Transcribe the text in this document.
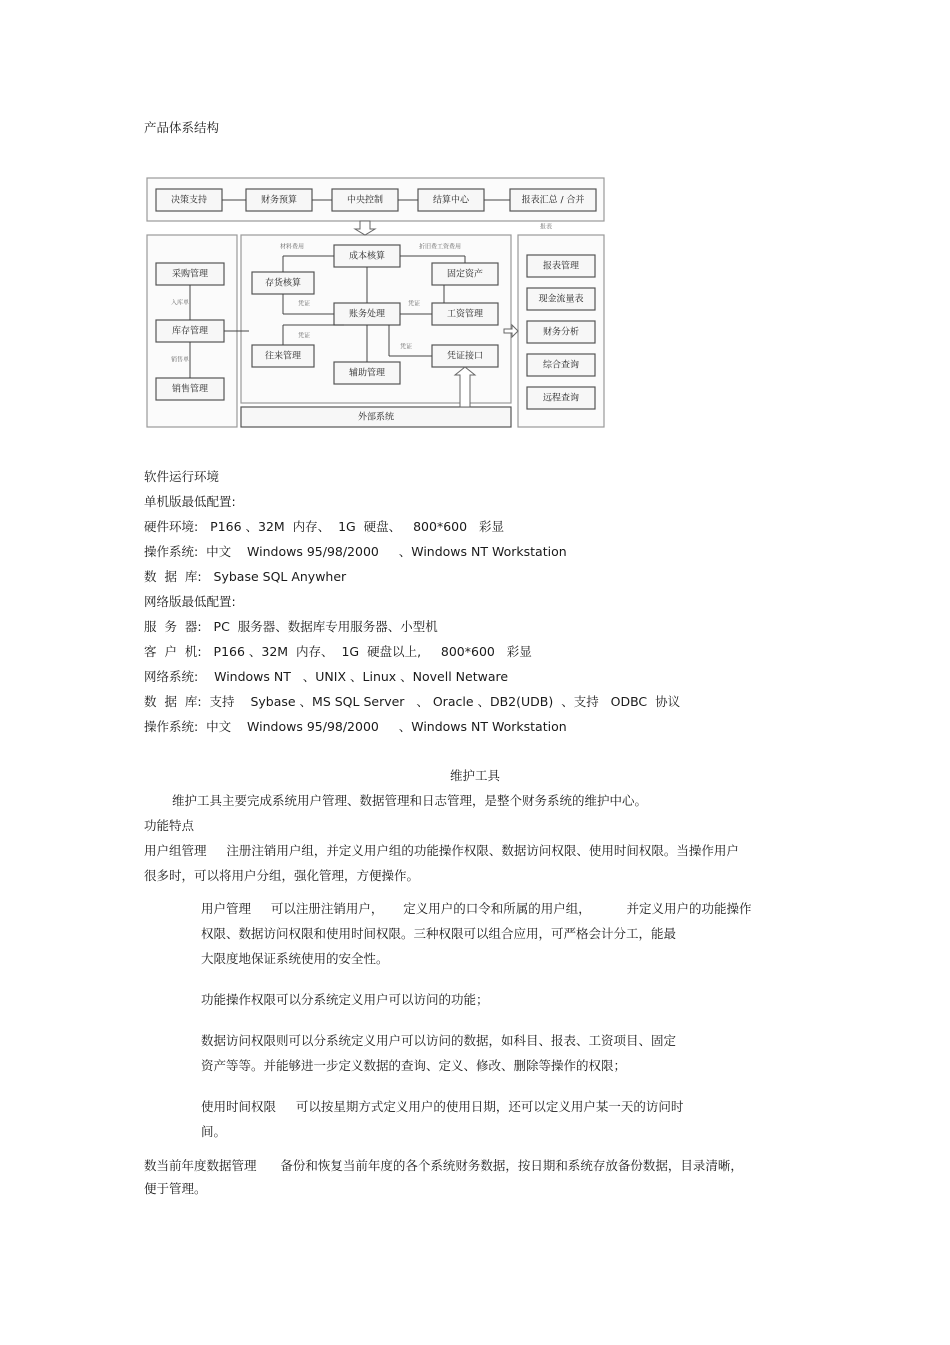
产品体系结构
外部系统
决策支持	财务预算	中央控制	结算中心	报表汇总 / 合并
采购管理
库存管理
销售管理
入库单
销售单
成本核算
存货核算
固定资产
账务处理	工资管理
往来管理	凭证接口
辅助管理
材料费用	折旧费工资费用
凭证	凭证
凭证
凭证
报表
报表管理
现金流量表
财务分析
综合查询
远程查询
软件运行环境
单机版最低配置:
硬件环境:   P166 、32M  内存、  1G  硬盘、   800*600   彩显
操作系统:  中文    Windows 95/98/2000     、Windows NT Workstation
数  据  库:   Sybase SQL Anywher
网络版最低配置:
服  务  器:   PC  服务器、数据库专用服务器、小型机
客  户  机:   P166 、32M  内存、  1G  硬盘以上,     800*600   彩显
网络系统:    Windows NT   、UNIX 、Linux 、Novell Netware
数  据  库:  支持    Sybase 、MS SQL Server   、 Oracle 、DB2(UDB)  、支持   ODBC  协议
操作系统:  中文    Windows 95/98/2000     、Windows NT Workstation
维护工具
维护工具主要完成系统用户管理、数据管理和日志管理，是整个财务系统的维护中心。
功能特点
用户组管理     注册注销用户组，并定义用户组的功能操作权限、数据访问权限、使用时间权限。当操作用户
很多时，可以将用户分组，强化管理，方便操作。
用户管理     可以注册注销用户，     定义用户的口令和所属的用户组，         并定义用户的功能操作
权限、数据访问权限和使用时间权限。三种权限可以组合应用，可严格会计分工，能最
大限度地保证系统使用的安全性。
功能操作权限可以分系统定义用户可以访问的功能；
数据访问权限则可以分系统定义用户可以访问的数据，如科目、报表、工资项目、固定
资产等等。并能够进一步定义数据的查询、定义、修改、删除等操作的权限；
使用时间权限     可以按星期方式定义用户的使用日期，还可以定义用户某一天的访问时
间。
数当前年度数据管理      备份和恢复当前年度的各个系统财务数据，按日期和系统存放备份数据，目录清晰，
便于管理。
